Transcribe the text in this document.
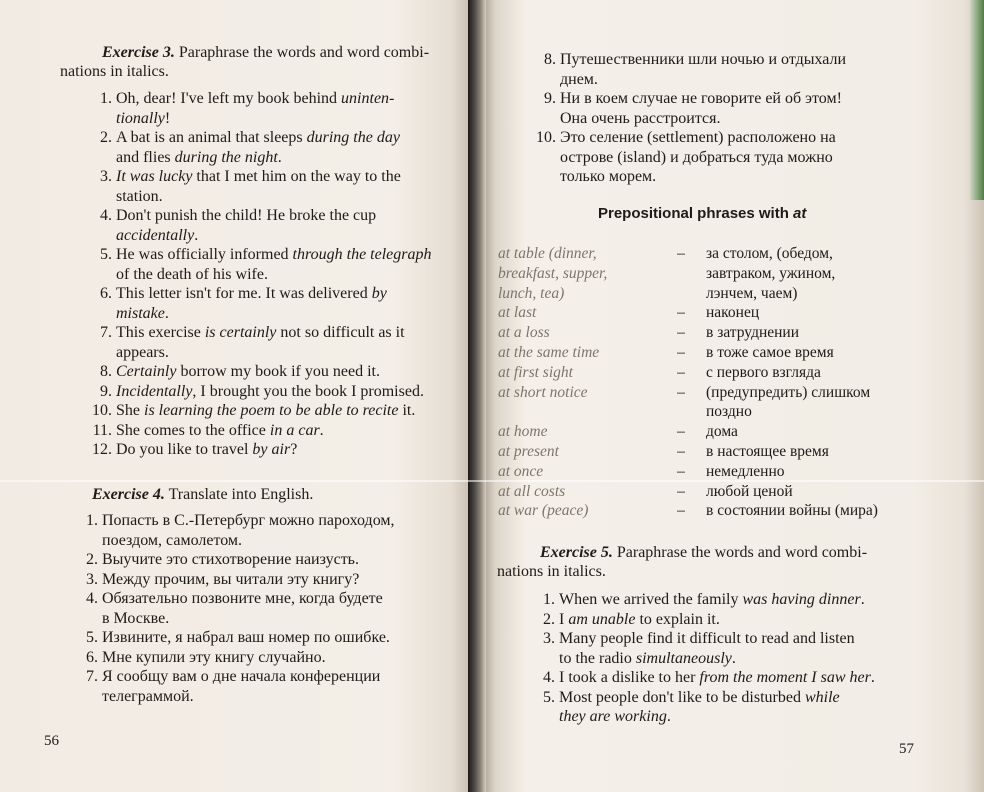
Exercise 3. Paraphrase the words and word combi-
nations in italics.

1. Oh, dear! I've left my book behind uninten-
tionally!
2. A bat is an animal that sleeps during the day
and flies during the night.
3. It was lucky that I met him on the way to the
station.
4. Don't punish the child! He broke the cup
accidentally.
5. He was officially informed through the telegraph
of the death of his wife.
6. This letter isn't for me. It was delivered by
mistake.
7. This exercise is certainly not so difficult as it
appears.
8. Certainly borrow my book if you need it.
9. Incidentally, I brought you the book I promised.
10. She is learning the poem to be able to recite it.
11. She comes to the office in a car.
12. Do you like to travel by air?

Exercise 4. Translate into English.

1. Попасть в С.-Петербург можно пароходом,
поездом, самолетом.
2. Выучите это стихотворение наизусть.
3. Между прочим, вы читали эту книгу?
4. Обязательно позвоните мне, когда будете
в Москве.
5. Извините, я набрал ваш номер по ошибке.
6. Мне купили эту книгу случайно.
7. Я сообщу вам о дне начала конференции
телеграммой.
56
8. Путешественники шли ночью и отдыхали
днем.
9. Ни в коем случае не говорите ей об этом!
Она очень расстроится.
10. Это селение (settlement) расположено на
острове (island) и добраться туда можно
только морем.
Prepositional phrases with at
at table (dinner,	–	за столом, (обедом,
breakfast, supper,	завтраком, ужином,
lunch, tea)	лэнчем, чаем)
at last	–	наконец
at a loss	–	в затруднении
at the same time	–	в тоже самое время
at first sight	–	с первого взгляда
at short notice	–	(предупредить) слишком
поздно
at home	–	дома
at present	–	в настоящее время
at once	–	немедленно
at all costs	–	любой ценой
at war (peace)	–	в состоянии войны (мира)

Exercise 5. Paraphrase the words and word combi-
nations in italics.

1. When we arrived the family was having dinner.
2. I am unable to explain it.
3. Many people find it difficult to read and listen
to the radio simultaneously.
4. I took a dislike to her from the moment I saw her.
5. Most people don't like to be disturbed while
they are working.
57
